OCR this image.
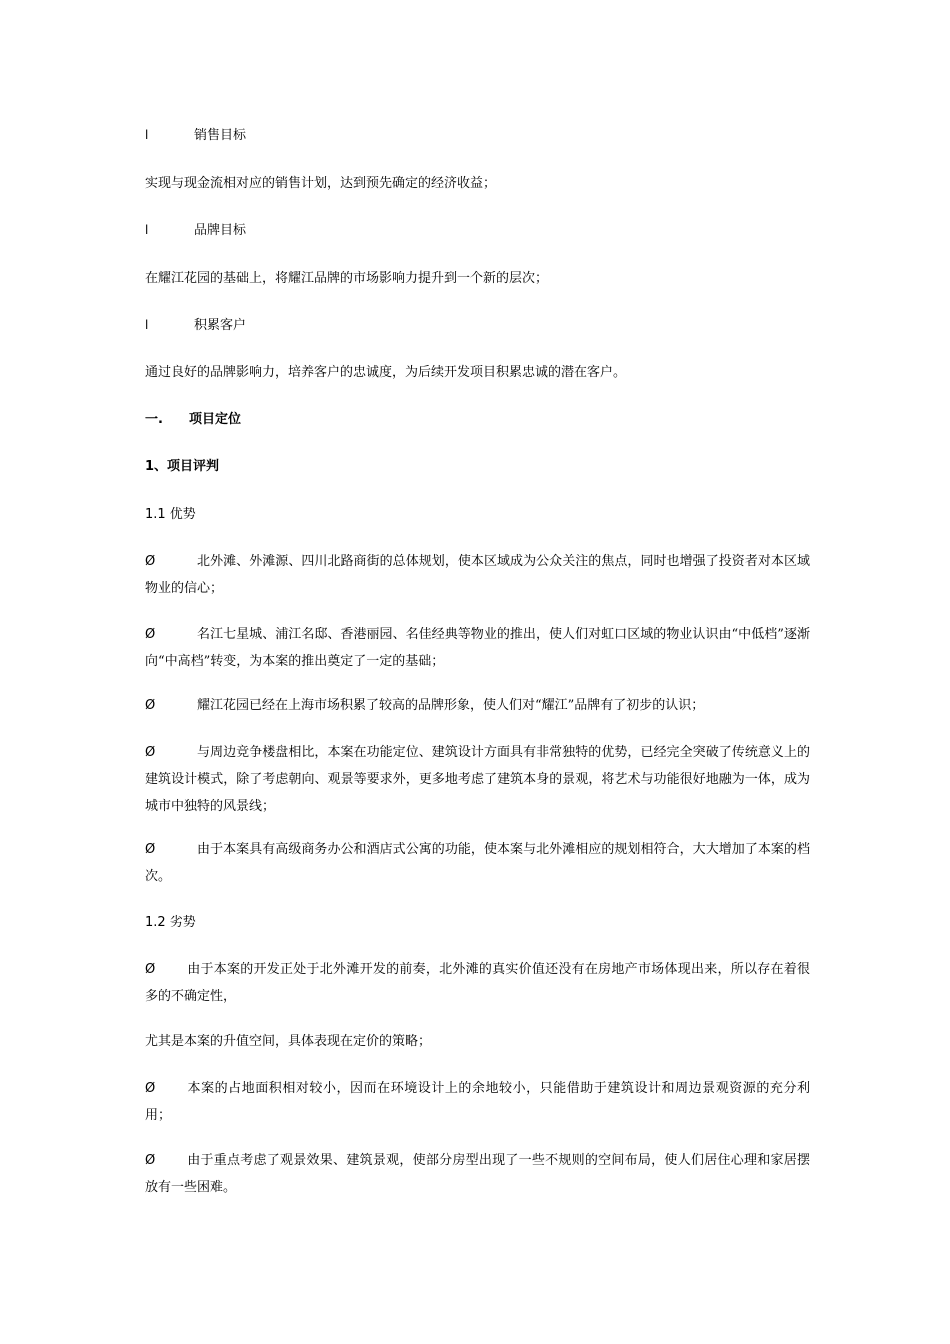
l	销售目标
实现与现金流相对应的销售计划，达到预先确定的经济收益；
l	品牌目标
在耀江花园的基础上，将耀江品牌的市场影响力提升到一个新的层次；
l	积累客户
通过良好的品牌影响力，培养客户的忠诚度，为后续开发项目积累忠诚的潜在客户。
一. 项目定位
1、项目评判
1.1 优势
Ø	北外滩、外滩源、四川北路商街的总体规划，使本区域成为公众关注的焦点，同时也增强了投资者对本区域物业的信心；
Ø	名江七星城、浦江名邸、香港丽园、名佳经典等物业的推出，使人们对虹口区域的物业认识由“中低档”逐渐向“中高档”转变，为本案的推出奠定了一定的基础；
Ø	耀江花园已经在上海市场积累了较高的品牌形象，使人们对“耀江”品牌有了初步的认识；
Ø	与周边竞争楼盘相比，本案在功能定位、建筑设计方面具有非常独特的优势，已经完全突破了传统意义上的建筑设计模式，除了考虑朝向、观景等要求外，更多地考虑了建筑本身的景观，将艺术与功能很好地融为一体，成为城市中独特的风景线；
Ø	由于本案具有高级商务办公和酒店式公寓的功能，使本案与北外滩相应的规划相符合，大大增加了本案的档次。
1.2 劣势
Ø 由于本案的开发正处于北外滩开发的前奏，北外滩的真实价值还没有在房地产市场体现出来，所以存在着很多的不确定性，
尤其是本案的升值空间，具体表现在定价的策略；
Ø 本案的占地面积相对较小，因而在环境设计上的余地较小，只能借助于建筑设计和周边景观资源的充分利用；
Ø 由于重点考虑了观景效果、建筑景观，使部分房型出现了一些不规则的空间布局，使人们居住心理和家居摆放有一些困难。
